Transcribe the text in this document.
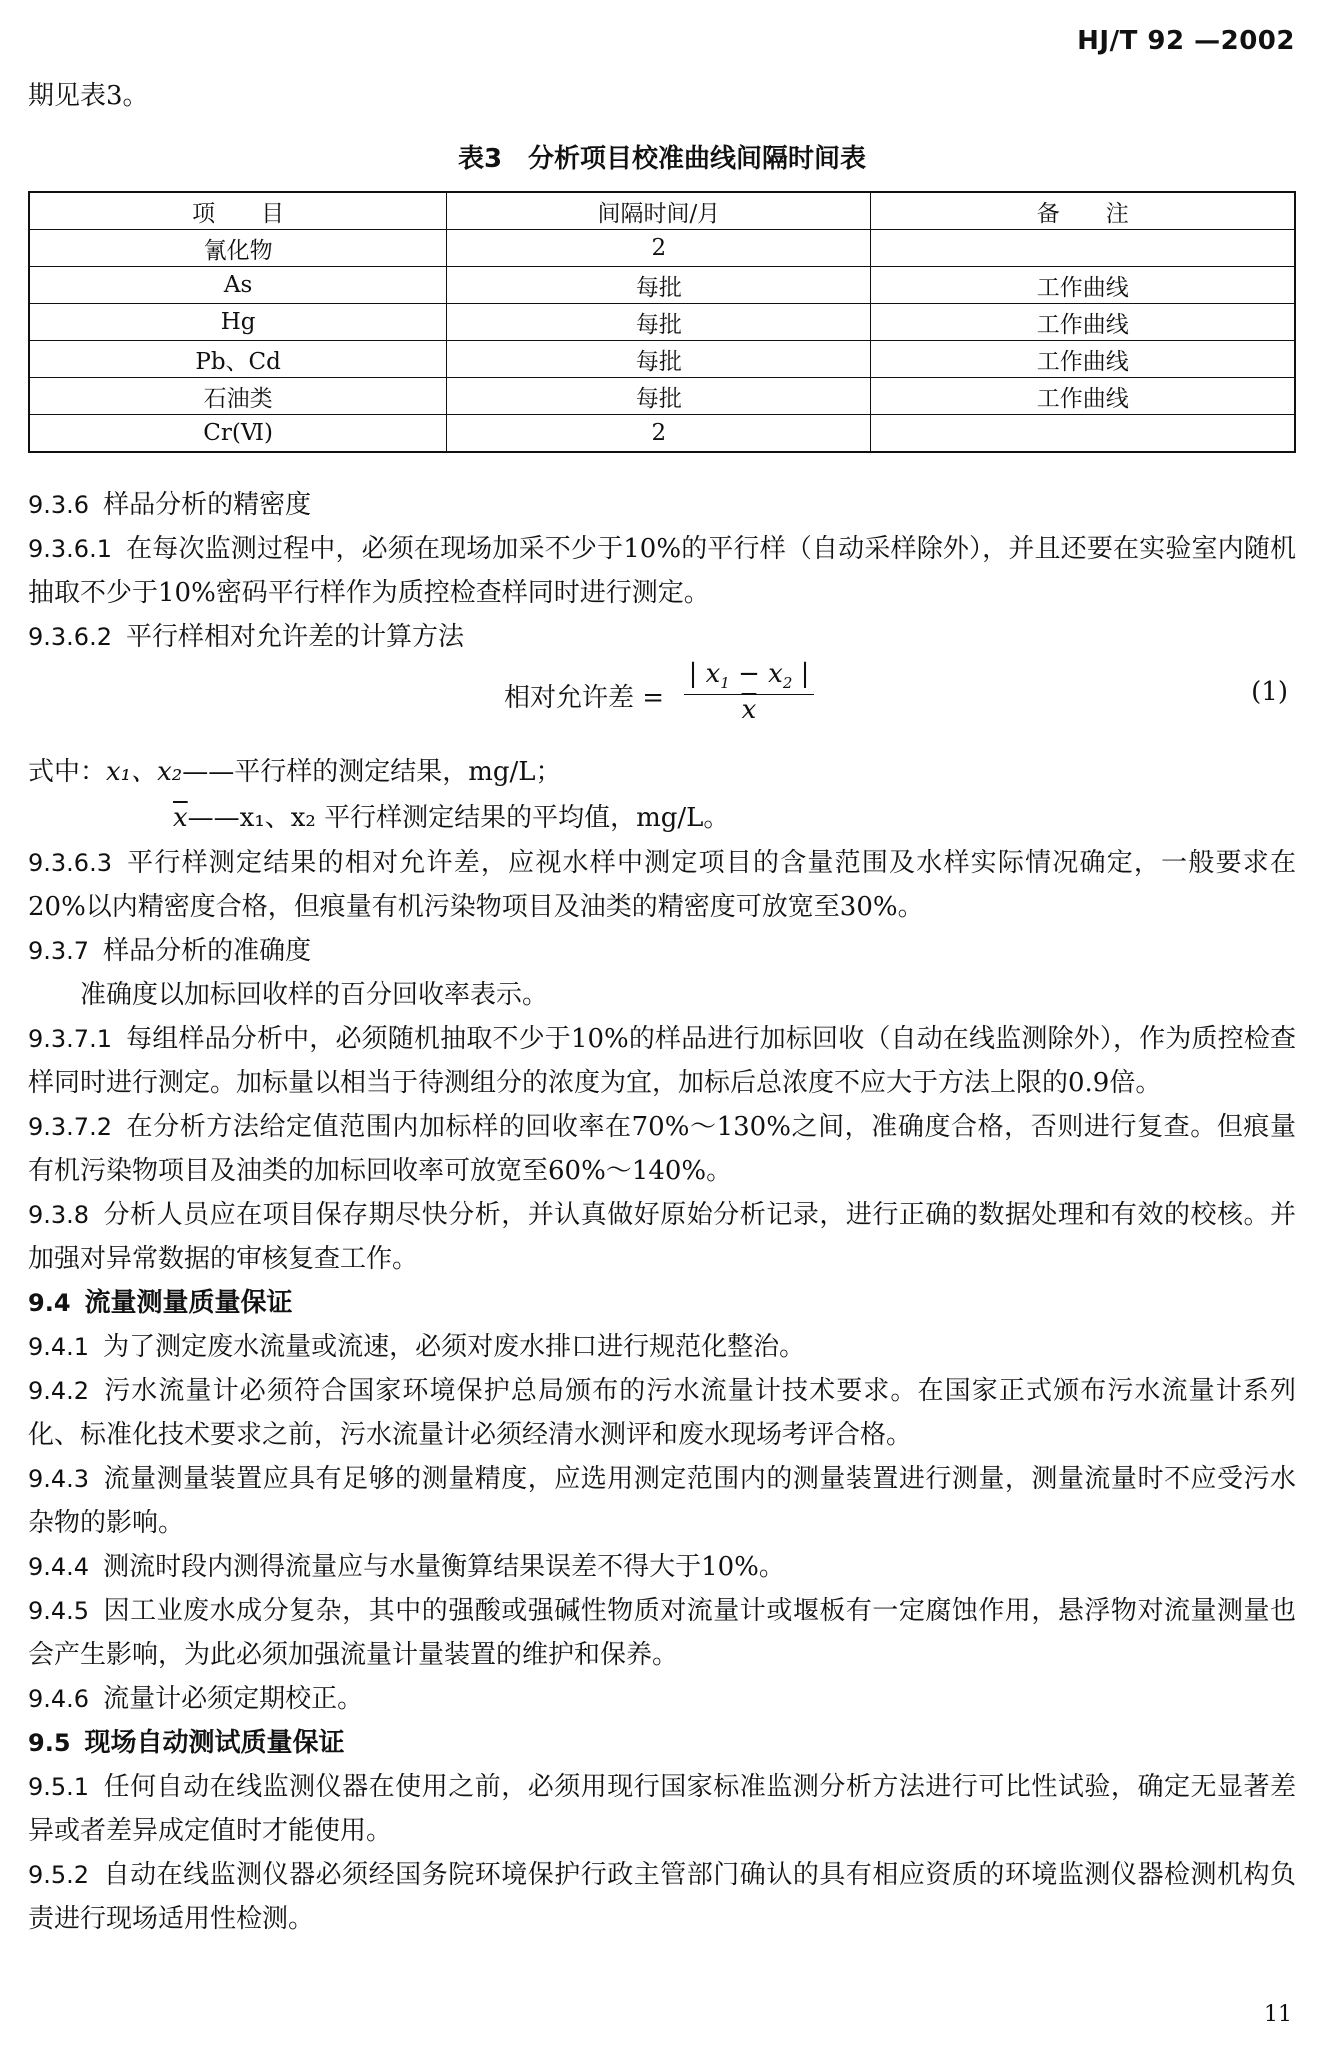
HJ/T 92 —2002

期见表3。

表3　分析项目校准曲线间隔时间表
项　　目	间隔时间/月	备　　注
氰化物	2	
As	每批	工作曲线
Hg	每批	工作曲线
Pb、Cd	每批	工作曲线
石油类	每批	工作曲线
Cr(Ⅵ)	2	

9.3.6 样品分析的精密度

9.3.6.1 在每次监测过程中，必须在现场加采不少于10%的平行样（自动采样除外），并且还要在实验室内随机抽取不少于10%密码平行样作为质控检查样同时进行测定。

9.3.6.2 平行样相对允许差的计算方法

相对允许差 = $\frac{| x_1 - x_2 |}{x}$	(1)

式中：x₁、x₂——平行样的测定结果，mg/L；

$\overline{x}——x_1$、x₂ 平行样测定结果的平均值，mg/L。

9.3.6.3 平行样测定结果的相对允许差，应视水样中测定项目的含量范围及水样实际情况确定，一般要求在20%以内精密度合格，但痕量有机污染物项目及油类的精密度可放宽至30%。

9.3.7 样品分析的准确度

准确度以加标回收样的百分回收率表示。

9.3.7.1 每组样品分析中，必须随机抽取不少于10%的样品进行加标回收（自动在线监测除外），作为质控检查样同时进行测定。加标量以相当于待测组分的浓度为宜，加标后总浓度不应大于方法上限的0.9倍。

9.3.7.2 在分析方法给定值范围内加标样的回收率在70%～130%之间，准确度合格，否则进行复查。但痕量有机污染物项目及油类的加标回收率可放宽至60%～140%。

9.3.8 分析人员应在项目保存期尽快分析，并认真做好原始分析记录，进行正确的数据处理和有效的校核。并加强对异常数据的审核复查工作。

9.4 流量测量质量保证

9.4.1 为了测定废水流量或流速，必须对废水排口进行规范化整治。

9.4.2 污水流量计必须符合国家环境保护总局颁布的污水流量计技术要求。在国家正式颁布污水流量计系列化、标准化技术要求之前，污水流量计必须经清水测评和废水现场考评合格。

9.4.3 流量测量装置应具有足够的测量精度，应选用测定范围内的测量装置进行测量，测量流量时不应受污水杂物的影响。

9.4.4 测流时段内测得流量应与水量衡算结果误差不得大于10%。

9.4.5 因工业废水成分复杂，其中的强酸或强碱性物质对流量计或堰板有一定腐蚀作用，悬浮物对流量测量也会产生影响，为此必须加强流量计量装置的维护和保养。

9.4.6 流量计必须定期校正。

9.5 现场自动测试质量保证

9.5.1 任何自动在线监测仪器在使用之前，必须用现行国家标准监测分析方法进行可比性试验，确定无显著差异或者差异成定值时才能使用。

9.5.2 自动在线监测仪器必须经国务院环境保护行政主管部门确认的具有相应资质的环境监测仪器检测机构负责进行现场适用性检测。

11
